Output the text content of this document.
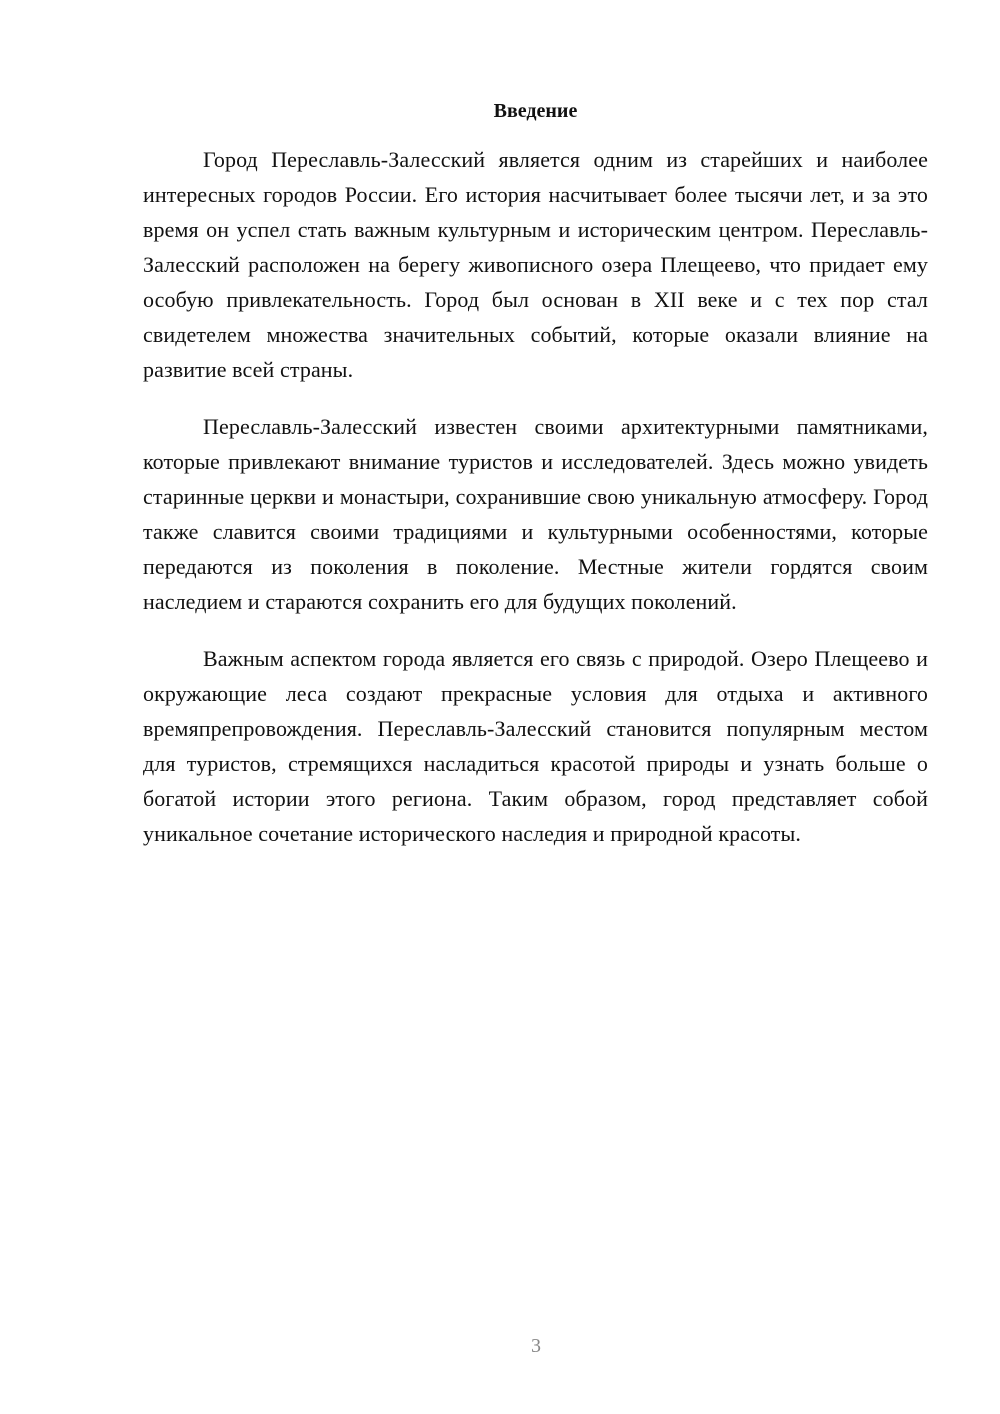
Введение

Город Переславль-Залесский является одним из старейших и наиболее интересных городов России. Его история насчитывает более тысячи лет, и за это время он успел стать важным культурным и историческим центром. Переславль-Залесский расположен на берегу живописного озера Плещеево, что придает ему особую привлекательность. Город был основан в XII веке и с тех пор стал свидетелем множества значительных событий, которые оказали влияние на развитие всей страны.

Переславль-Залесский известен своими архитектурными памятниками, которые привлекают внимание туристов и исследователей. Здесь можно увидеть старинные церкви и монастыри, сохранившие свою уникальную атмосферу. Город также славится своими традициями и культурными особенностями, которые передаются из поколения в поколение. Местные жители гордятся своим наследием и стараются сохранить его для будущих поколений.

Важным аспектом города является его связь с природой. Озеро Плещеево и окружающие леса создают прекрасные условия для отдыха и активного времяпрепровождения. Переславль-Залесский становится популярным местом для туристов, стремящихся насладиться красотой природы и узнать больше о богатой истории этого региона. Таким образом, город представляет собой уникальное сочетание исторического наследия и природной красоты.

3
